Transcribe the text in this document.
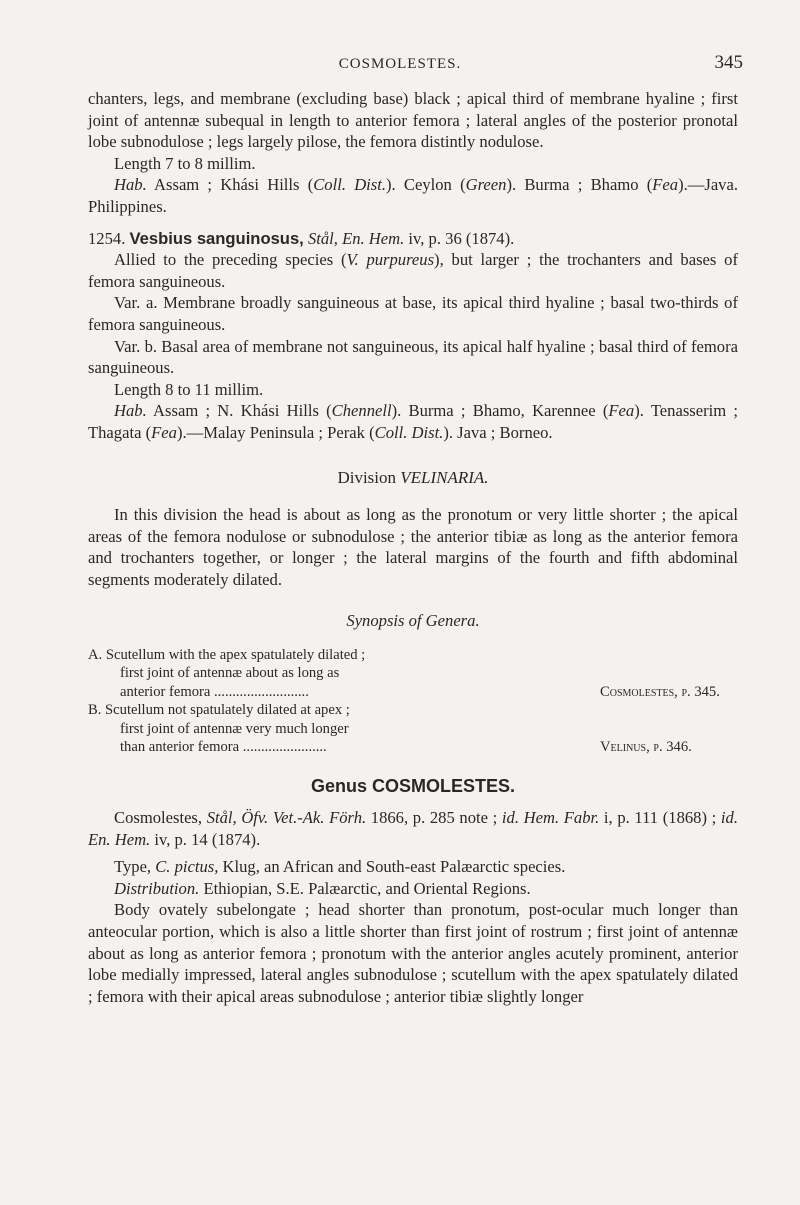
COSMOLESTES.	345

chanters, legs, and membrane (excluding base) black ; apical third of membrane hyaline ; first joint of antennæ subequal in length to anterior femora ; lateral angles of the posterior pronotal lobe subnodulose ; legs largely pilose, the femora distintly nodulose.

Length 7 to 8 millim.

Hab. Assam ; Khási Hills (Coll. Dist.). Ceylon (Green). Burma ; Bhamo (Fea).—Java. Philippines.

1254. Vesbius sanguinosus, Stål, En. Hem. iv, p. 36 (1874).

Allied to the preceding species (V. purpureus), but larger ; the trochanters and bases of femora sanguineous.

Var. a. Membrane broadly sanguineous at base, its apical third hyaline ; basal two-thirds of femora sanguineous.

Var. b. Basal area of membrane not sanguineous, its apical half hyaline ; basal third of femora sanguineous.

Length 8 to 11 millim.

Hab. Assam ; N. Khási Hills (Chennell). Burma ; Bhamo, Karennee (Fea). Tenasserim ; Thagata (Fea).—Malay Peninsula ; Perak (Coll. Dist.). Java ; Borneo.

Division VELINARIA.

In this division the head is about as long as the pronotum or very little shorter ; the apical areas of the femora nodulose or subnodulose ; the anterior tibiæ as long as the anterior femora and trochanters together, or longer ; the lateral margins of the fourth and fifth abdominal segments moderately dilated.

Synopsis of Genera.

A. Scutellum with the apex spatulately dilated ;
first joint of antennæ about as long as
anterior femora ..........................	Cosmolestes, p. 345.
B. Scutellum not spatulately dilated at apex ;
first joint of antennæ very much longer
than anterior femora .......................	Velinus, p. 346.

Genus COSMOLESTES.

Cosmolestes, Stål, Öfv. Vet.-Ak. Förh. 1866, p. 285 note ; id. Hem. Fabr. i, p. 111 (1868) ; id. En. Hem. iv, p. 14 (1874).

Type, C. pictus, Klug, an African and South-east Palæarctic species.

Distribution. Ethiopian, S.E. Palæarctic, and Oriental Regions.

Body ovately subelongate ; head shorter than pronotum, post-ocular much longer than anteocular portion, which is also a little shorter than first joint of rostrum ; first joint of antennæ about as long as anterior femora ; pronotum with the anterior angles acutely prominent, anterior lobe medially impressed, lateral angles subnodulose ; scutellum with the apex spatulately dilated ; femora with their apical areas subnodulose ; anterior tibiæ slightly longer
